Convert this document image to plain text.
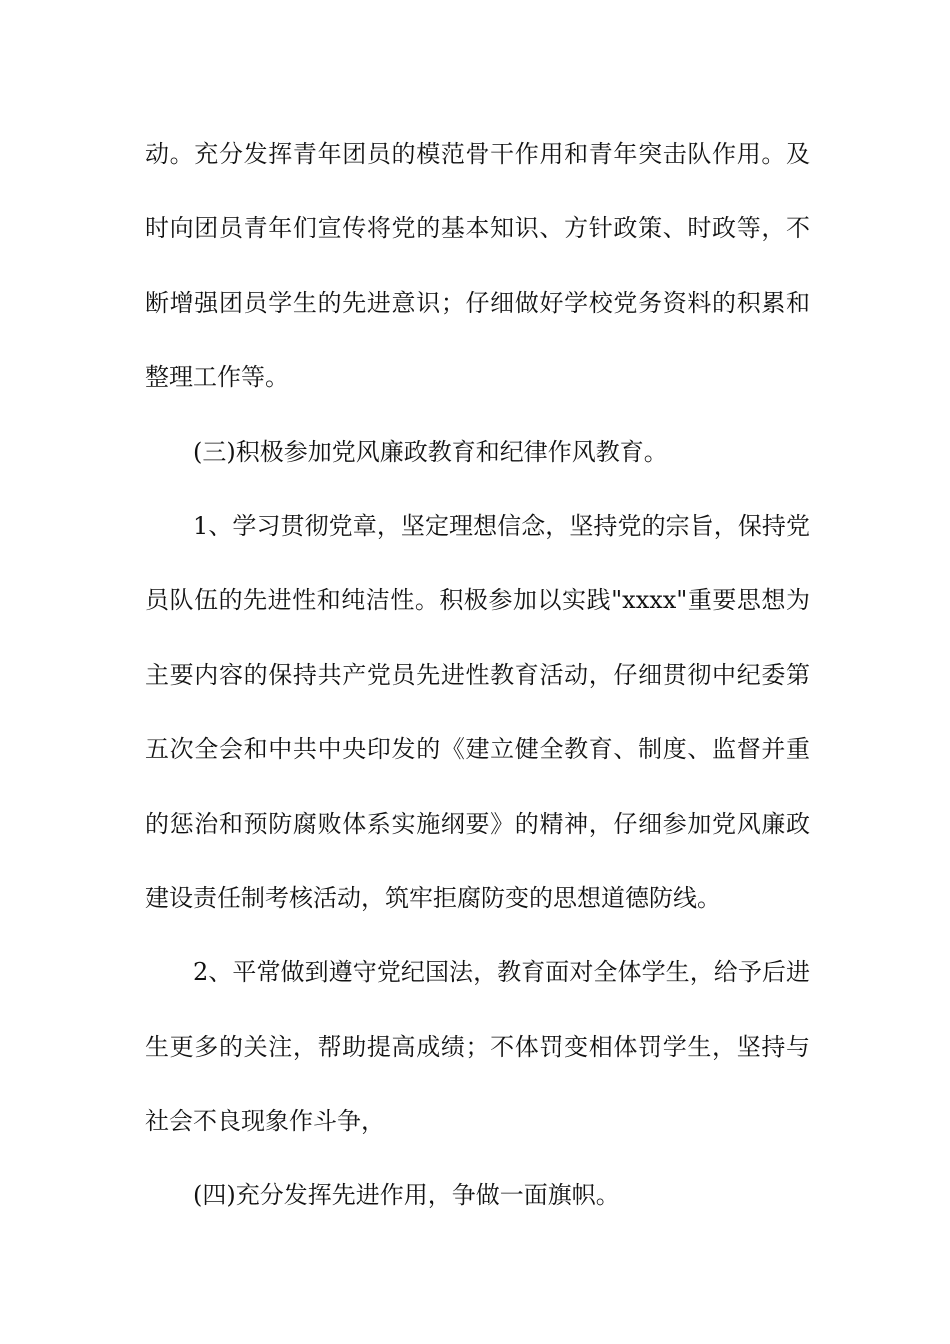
动。充分发挥青年团员的模范骨干作用和青年突击队作用。及
时向团员青年们宣传将党的基本知识、方针政策、时政等，不
断增强团员学生的先进意识；仔细做好学校党务资料的积累和
整理工作等。
(三)积极参加党风廉政教育和纪律作风教育。
1、学习贯彻党章，坚定理想信念，坚持党的宗旨，保持党
员队伍的先进性和纯洁性。积极参加以实践"xxxx"重要思想为
主要内容的保持共产党员先进性教育活动，仔细贯彻中纪委第
五次全会和中共中央印发的《建立健全教育、制度、监督并重
的惩治和预防腐败体系实施纲要》的精神，仔细参加党风廉政
建设责任制考核活动，筑牢拒腐防变的思想道德防线。
2、平常做到遵守党纪国法，教育面对全体学生，给予后进
生更多的关注，帮助提高成绩；不体罚变相体罚学生，坚持与
社会不良现象作斗争，
(四)充分发挥先进作用，争做一面旗帜。
